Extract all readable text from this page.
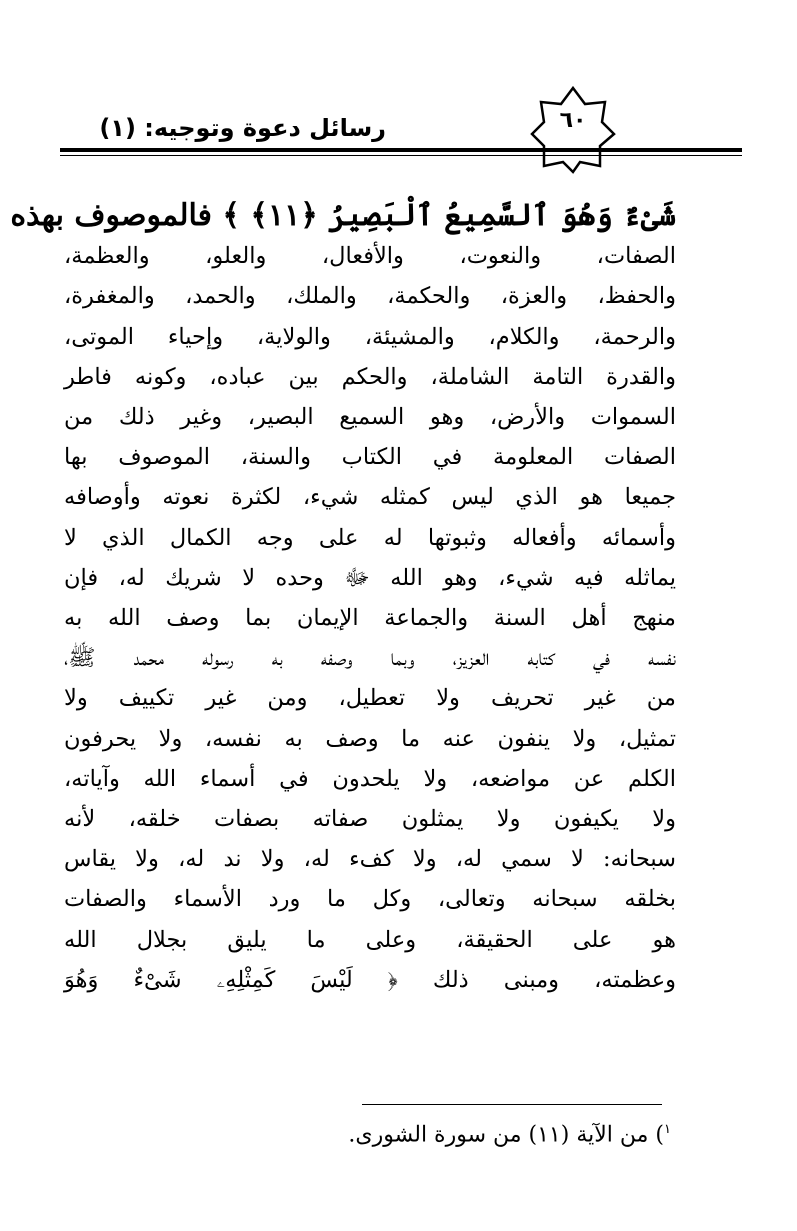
رسائل دعوة وتوجيه: (١)	٦٠
شَىْءٌ وَهُوَ ٱلسَّمِيعُ ٱلْبَصِيرُ ﴿١١﴾ ﴾ فالموصوف بهذه
الصفات، والنعوت، والأفعال، والعلو، والعظمة،
والحفظ، والعزة، والحكمة، والملك، والحمد، والمغفرة،
والرحمة، والكلام، والمشيئة، والولاية، وإحياء الموتى،
والقدرة التامة الشاملة، والحكم بين عباده، وكونه فاطر
السموات والأرض، وهو السميع البصير، وغير ذلك من
الصفات المعلومة في الكتاب والسنة، الموصوف بها
جميعا هو الذي ليس كمثله شيء، لكثرة نعوته وأوصافه
وأسمائه وأفعاله وثبوتها له على وجه الكمال الذي لا
يماثله فيه شيء، وهو الله ﷻ وحده لا شريك له، فإن
منهج أهل السنة والجماعة الإيمان بما وصف الله به
نفسه في كتابه العزيز، وبما وصفه به رسوله محمد ﷺ،
من غير تحريف ولا تعطيل، ومن غير تكييف ولا
تمثيل، ولا ينفون عنه ما وصف به نفسه، ولا يحرفون
الكلم عن مواضعه، ولا يلحدون في أسماء الله وآياته،
ولا يكيفون ولا يمثلون صفاته بصفات خلقه، لأنه
سبحانه: لا سمي له، ولا كفء له، ولا ند له، ولا يقاس
بخلقه سبحانه وتعالى، وكل ما ورد الأسماء والصفات
هو على الحقيقة، وعلى ما يليق بجلال الله
وعظمته، ومبنى ذلك ﴿ لَيْسَ كَمِثْلِهِۦ شَىْءٌ وَهُوَ
$^١$) من الآية (١١) من سورة الشورى.
